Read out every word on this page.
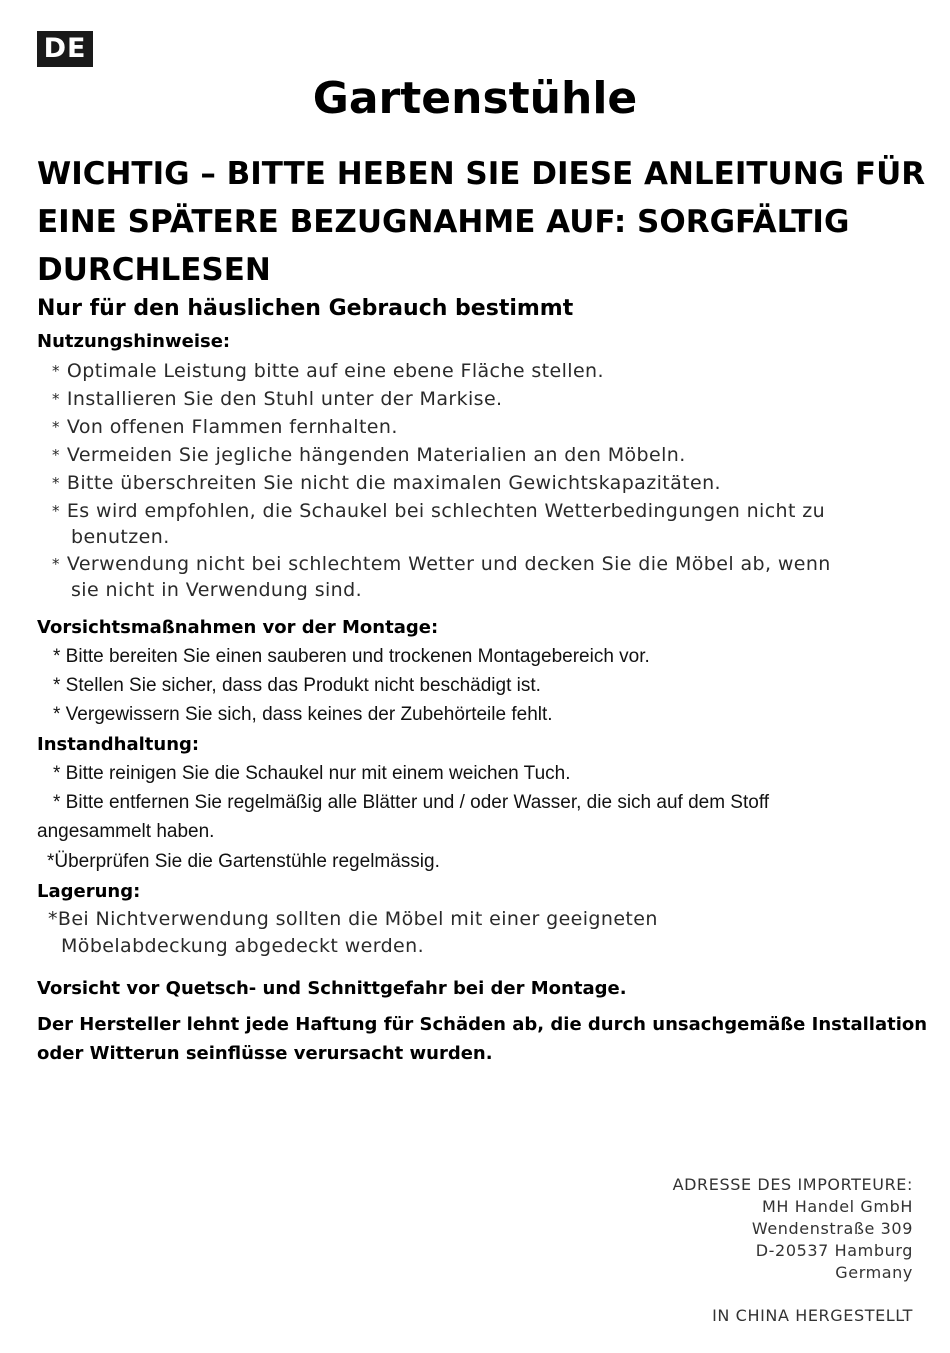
DE
Gartenstühle
WICHTIG – BITTE HEBEN SIE DIESE ANLEITUNG FÜR
EINE SPÄTERE BEZUGNAHME AUF: SORGFÄLTIG
DURCHLESEN
Nur für den häuslichen Gebrauch bestimmt
Nutzungshinweise:
* Optimale Leistung bitte auf eine ebene Fläche stellen.
* Installieren Sie den Stuhl unter der Markise.
* Von offenen Flammen fernhalten.
* Vermeiden Sie jegliche hängenden Materialien an den Möbeln.
* Bitte überschreiten Sie nicht die maximalen Gewichtskapazitäten.
* Es wird empfohlen, die Schaukel bei schlechten Wetterbedingungen nicht zu
benutzen.
* Verwendung nicht bei schlechtem Wetter und decken Sie die Möbel ab, wenn
sie nicht in Verwendung sind.
Vorsichtsmaßnahmen vor der Montage:
* Bitte bereiten Sie einen sauberen und trockenen Montagebereich vor.
* Stellen Sie sicher, dass das Produkt nicht beschädigt ist.
* Vergewissern Sie sich, dass keines der Zubehörteile fehlt.
Instandhaltung:
* Bitte reinigen Sie die Schaukel nur mit einem weichen Tuch.
* Bitte entfernen Sie regelmäßig alle Blätter und / oder Wasser, die sich auf dem Stoff
angesammelt haben.
*Überprüfen Sie die Gartenstühle regelmässig.
Lagerung:
*Bei Nichtverwendung sollten die Möbel mit einer geeigneten
Möbelabdeckung abgedeckt werden.
Vorsicht vor Quetsch- und Schnittgefahr bei der Montage.
Der Hersteller lehnt jede Haftung für Schäden ab, die durch unsachgemäße Installation
oder Witterun seinflüsse verursacht wurden.
ADRESSE DES IMPORTEURE:
MH Handel GmbH
Wendenstraße 309
D-20537 Hamburg
Germany
IN CHINA HERGESTELLT
